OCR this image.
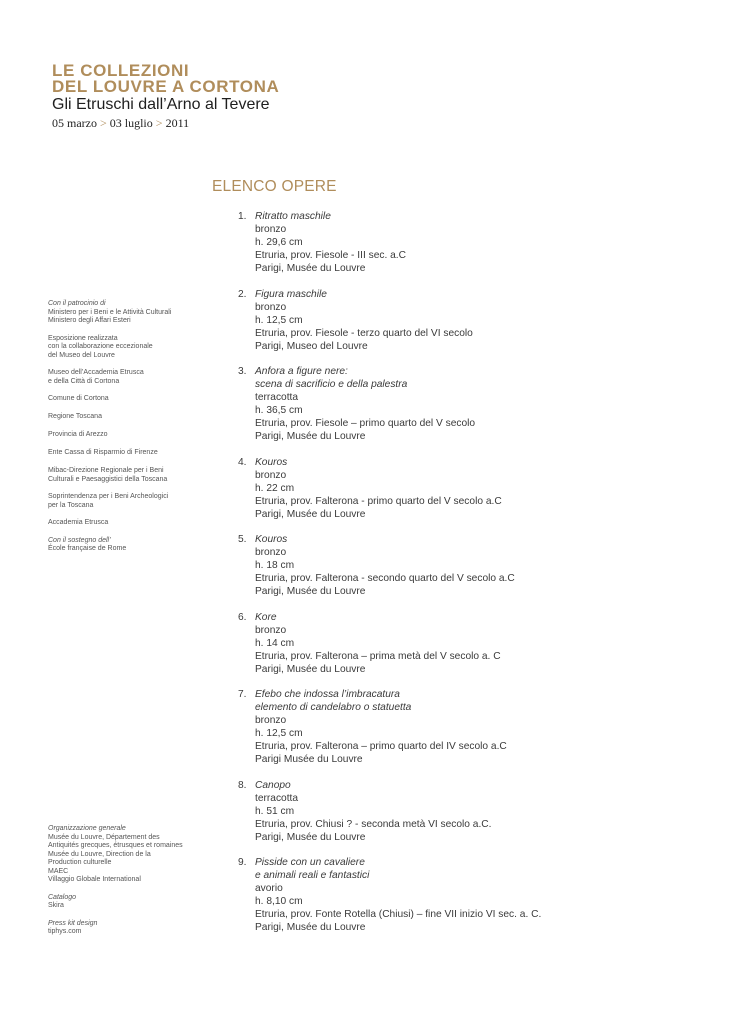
LE COLLEZIONI
DEL LOUVRE A CORTONA
Gli Etruschi dall’Arno al Tevere
05 marzo > 03 luglio > 2011
ELENCO OPERE
Con il patrocinio di
Ministero per i Beni e le Attività Culturali
Ministero degli Affari Esteri
Esposizione realizzata
con la collaborazione eccezionale
del Museo del Louvre
Museo dell’Accademia Etrusca
e della Città di Cortona
Comune di Cortona
Regione Toscana
Provincia di Arezzo
Ente Cassa di Risparmio di Firenze
Mibac-Direzione Regionale per i Beni
Culturali e Paesaggistici della Toscana
Soprintendenza per i Beni Archeologici
per la Toscana
Accademia Etrusca
Con il sostegno dell’
École française de Rome
Organizzazione generale
Musée du Louvre, Département des
Antiquités grecques, étrusques et romaines
Musée du Louvre, Direction de la
Production culturelle
MAEC
Villaggio Globale International
Catalogo
Skira
Press kit design
tiphys.com
1. Ritratto maschile
bronzo
h. 29,6 cm
Etruria, prov. Fiesole - III sec. a.C
Parigi, Musée du Louvre
2. Figura maschile
bronzo
h. 12,5 cm
Etruria, prov. Fiesole - terzo quarto del VI secolo
Parigi, Museo del Louvre
3. Anfora a figure nere:
scena di sacrificio e della palestra
terracotta
h. 36,5 cm
Etruria, prov. Fiesole – primo quarto del V secolo
Parigi, Musée du Louvre
4. Kouros
bronzo
h. 22 cm
Etruria, prov. Falterona - primo quarto del V secolo a.C
Parigi, Musée du Louvre
5. Kouros
bronzo
h. 18 cm
Etruria, prov. Falterona - secondo quarto del V secolo a.C
Parigi, Musée du Louvre
6. Kore
bronzo
h. 14 cm
Etruria, prov. Falterona – prima metà del V secolo a. C
Parigi, Musée du Louvre
7. Efebo che indossa l’imbracatura
elemento di candelabro o statuetta
bronzo
h. 12,5 cm
Etruria, prov. Falterona – primo quarto del IV secolo a.C
Parigi Musée du Louvre
8. Canopo
terracotta
h. 51 cm
Etruria, prov. Chiusi ? - seconda metà VI secolo a.C.
Parigi, Musée du Louvre
9. Pisside con un cavaliere
e animali reali e fantastici
avorio
h. 8,10 cm
Etruria, prov. Fonte Rotella (Chiusi) – fine VII inizio VI sec. a. C.
Parigi, Musée du Louvre
